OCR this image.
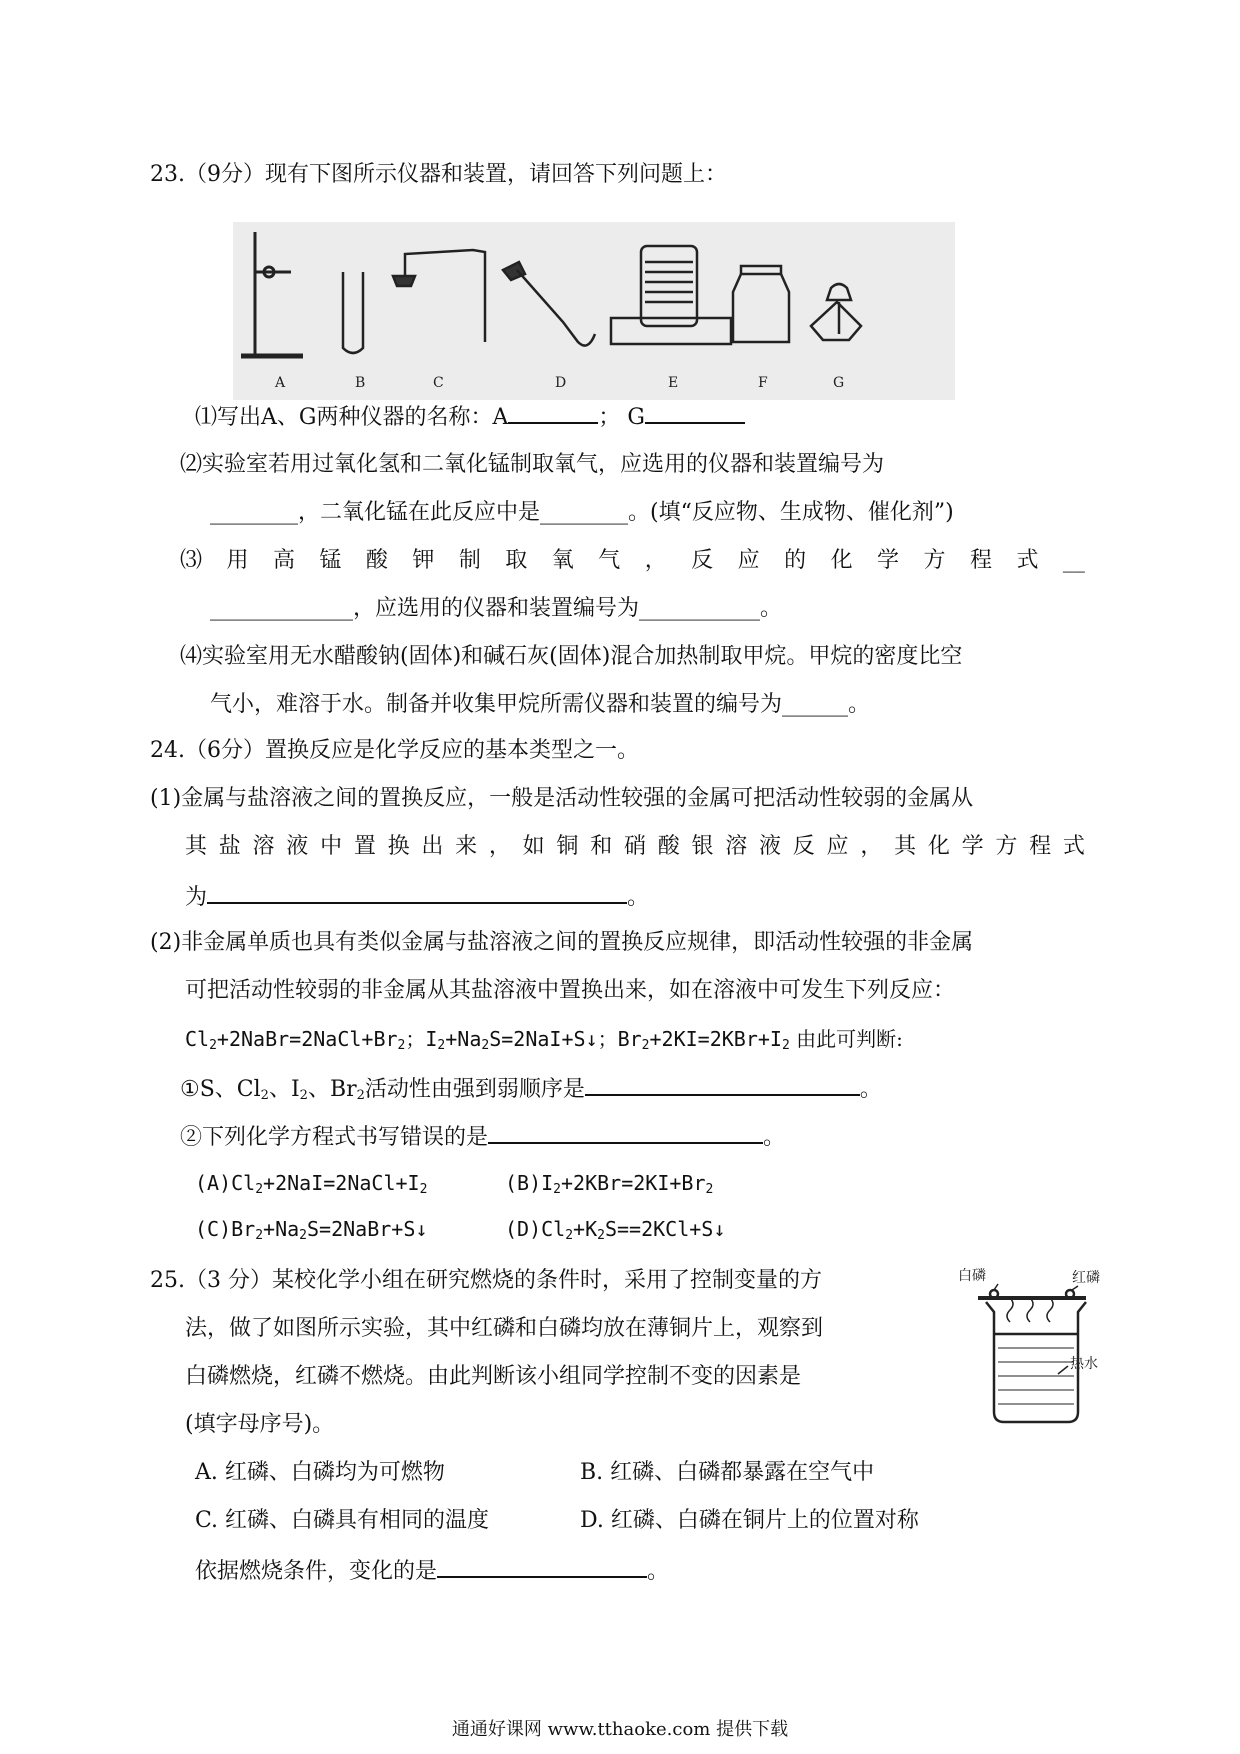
23.（9分）现有下图所示仪器和装置，请回答下列问题上：
A	B	C	D	E	F	G
⑴写出A、G两种仪器的名称：A	； G
⑵实验室若用过氧化氢和二氧化锰制取氧气，应选用的仪器和装置编号为
________，二氧化锰在此反应中是________。(填“反应物、生成物、催化剂”)
⑶ 用 高 锰 酸 钾 制 取 氧 气 ， 反 应 的 化 学 方 程 式 __
_____________，应选用的仪器和装置编号为___________。
⑷实验室用无水醋酸钠(固体)和碱石灰(固体)混合加热制取甲烷。甲烷的密度比空
气小，难溶于水。制备并收集甲烷所需仪器和装置的编号为______。
24.（6分）置换反应是化学反应的基本类型之一。
(1)金属与盐溶液之间的置换反应，一般是活动性较强的金属可把活动性较弱的金属从
其 盐 溶 液 中 置 换 出 来 ， 如 铜 和 硝 酸 银 溶 液 反 应 ， 其 化 学 方 程 式
为	。
(2)非金属单质也具有类似金属与盐溶液之间的置换反应规律，即活动性较强的非金属
可把活动性较弱的非金属从其盐溶液中置换出来，如在溶液中可发生下列反应：
$Cl_2+2NaBr=2NaCl+Br_2$；$I_2+Na_2S=2NaI+S↓$；$Br_2+2KI=2KBr+I_2$ 由此可判断:
①S、$Cl_2$、$I_2$、$Br_2$活动性由强到弱顺序是	。
②下列化学方程式书写错误的是	。
$(A)Cl_2+2NaI=2NaCl+I_2$	$(B)I_2+2KBr=2KI+Br_2$
$(C)Br_2+Na_2S=2NaBr+S↓$	$(D)Cl_2+K_2S==2KCl+S↓$
25.（3 分）某校化学小组在研究燃烧的条件时，采用了控制变量的方
法，做了如图所示实验，其中红磷和白磷均放在薄铜片上，观察到
白磷燃烧，红磷不燃烧。由此判断该小组同学控制不变的因素是
(填字母序号)。
白磷	红磷
热水
A. 红磷、白磷均为可燃物	B. 红磷、白磷都暴露在空气中
C. 红磷、白磷具有相同的温度	D. 红磷、白磷在铜片上的位置对称
依据燃烧条件，变化的是	。
通通好课网 www.tthaoke.com 提供下载
